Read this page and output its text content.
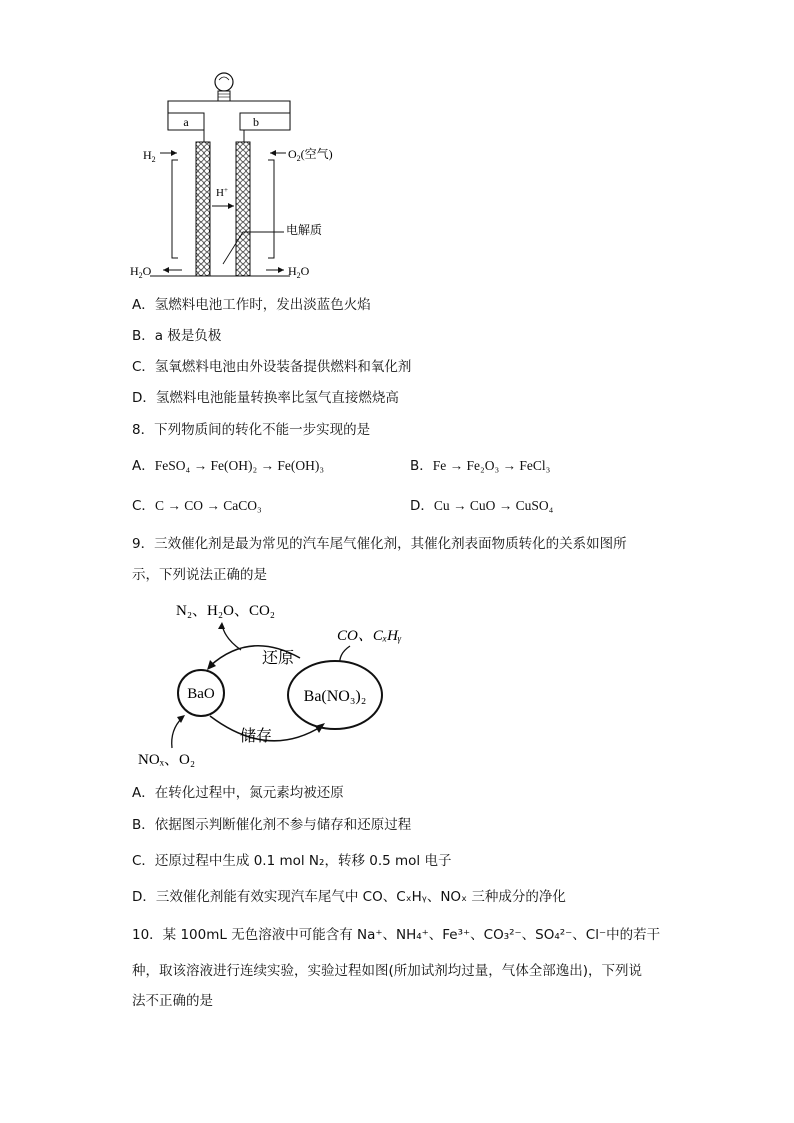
a	b
$H_2$	$O_2$(空气)
H+
电解质
$H_2O$	$H_2O$
A．氢燃料电池工作时，发出淡蓝色火焰
B．a 极是负极
C．氢氧燃料电池由外设装备提供燃料和氧化剂
D．氢燃料电池能量转换率比氢气直接燃烧高
8．下列物质间的转化不能一步实现的是
A．FeSO₄ → Fe(OH)₂ → Fe(OH)₃	B．Fe → Fe₂O₃ → FeCl₃
C．C → CO → CaCO₃	D．Cu → CuO → CuSO₄
9．三效催化剂是最为常见的汽车尾气催化剂，其催化剂表面物质转化的关系如图所
示，下列说法正确的是
N₂、H₂O、CO₂
CO、CₓHᵧ
还原
BaO	Ba(NO₃)₂
储存
NOₓ、O₂
A．在转化过程中，氮元素均被还原
B．依据图示判断催化剂不参与储存和还原过程
C．还原过程中生成 0.1 mol N₂，转移 0.5 mol 电子
D．三效催化剂能有效实现汽车尾气中 CO、CₓHᵧ、NOₓ 三种成分的净化
10．某 100mL 无色溶液中可能含有 Na⁺、NH₄⁺、Fe³⁺、CO₃²⁻、SO₄²⁻、Cl⁻中的若干
种，取该溶液进行连续实验，实验过程如图(所加试剂均过量，气体全部逸出)，下列说
法不正确的是
